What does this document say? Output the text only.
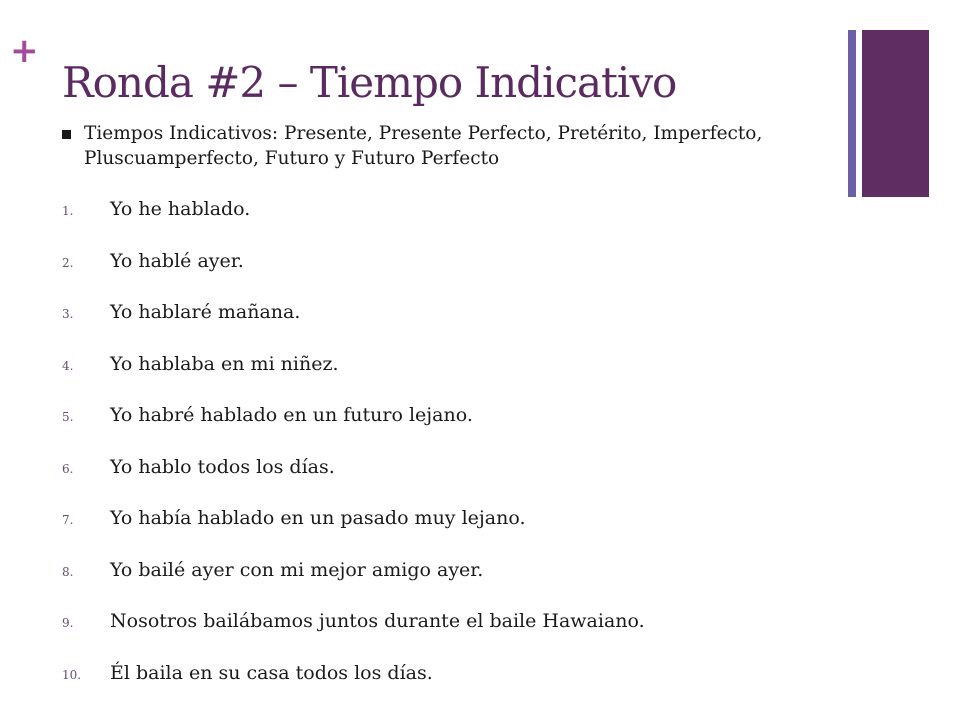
+
Ronda #2 – Tiempo Indicativo
Tiempos Indicativos: Presente, Presente Perfecto, Pretérito, Imperfecto, Pluscuamperfecto, Futuro y Futuro Perfecto
1.	Yo he hablado.
2.	Yo hablé ayer.
3.	Yo hablaré mañana.
4.	Yo hablaba en mi niñez.
5.	Yo habré hablado en un futuro lejano.
6.	Yo hablo todos los días.
7.	Yo había hablado en un pasado muy lejano.
8.	Yo bailé ayer con mi mejor amigo ayer.
9.	Nosotros bailábamos juntos durante el baile Hawaiano.
10.	Él baila en su casa todos los días.
